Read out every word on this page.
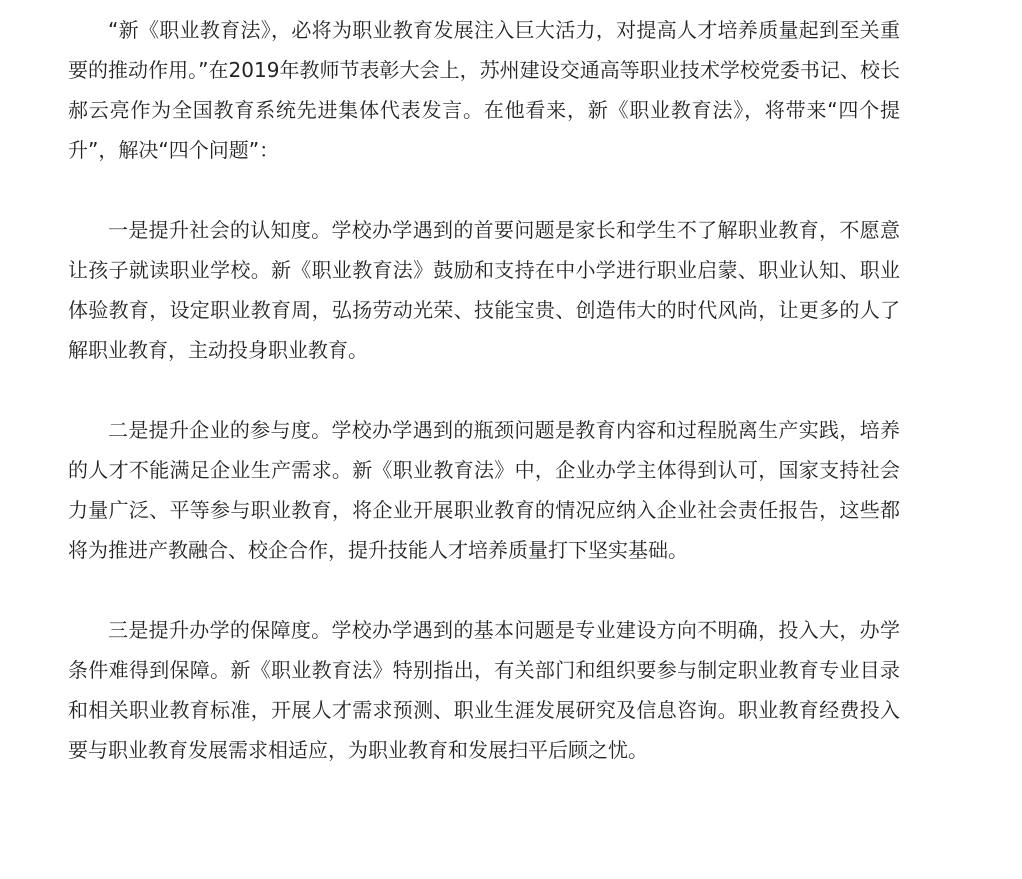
“新《职业教育法》，必将为职业教育发展注入巨大活力，对提高人才培养质量起到至关重要的推动作用。”在2019年教师节表彰大会上，苏州建设交通高等职业技术学校党委书记、校长郝云亮作为全国教育系统先进集体代表发言。在他看来，新《职业教育法》，将带来“四个提升”，解决“四个问题”：

一是提升社会的认知度。学校办学遇到的首要问题是家长和学生不了解职业教育，不愿意让孩子就读职业学校。新《职业教育法》鼓励和支持在中小学进行职业启蒙、职业认知、职业体验教育，设定职业教育周，弘扬劳动光荣、技能宝贵、创造伟大的时代风尚，让更多的人了解职业教育，主动投身职业教育。

二是提升企业的参与度。学校办学遇到的瓶颈问题是教育内容和过程脱离生产实践，培养的人才不能满足企业生产需求。新《职业教育法》中，企业办学主体得到认可，国家支持社会力量广泛、平等参与职业教育，将企业开展职业教育的情况应纳入企业社会责任报告，这些都将为推进产教融合、校企合作，提升技能人才培养质量打下坚实基础。

三是提升办学的保障度。学校办学遇到的基本问题是专业建设方向不明确，投入大，办学条件难得到保障。新《职业教育法》特别指出，有关部门和组织要参与制定职业教育专业目录和相关职业教育标准，开展人才需求预测、职业生涯发展研究及信息咨询。职业教育经费投入要与职业教育发展需求相适应，为职业教育和发展扫平后顾之忧。
